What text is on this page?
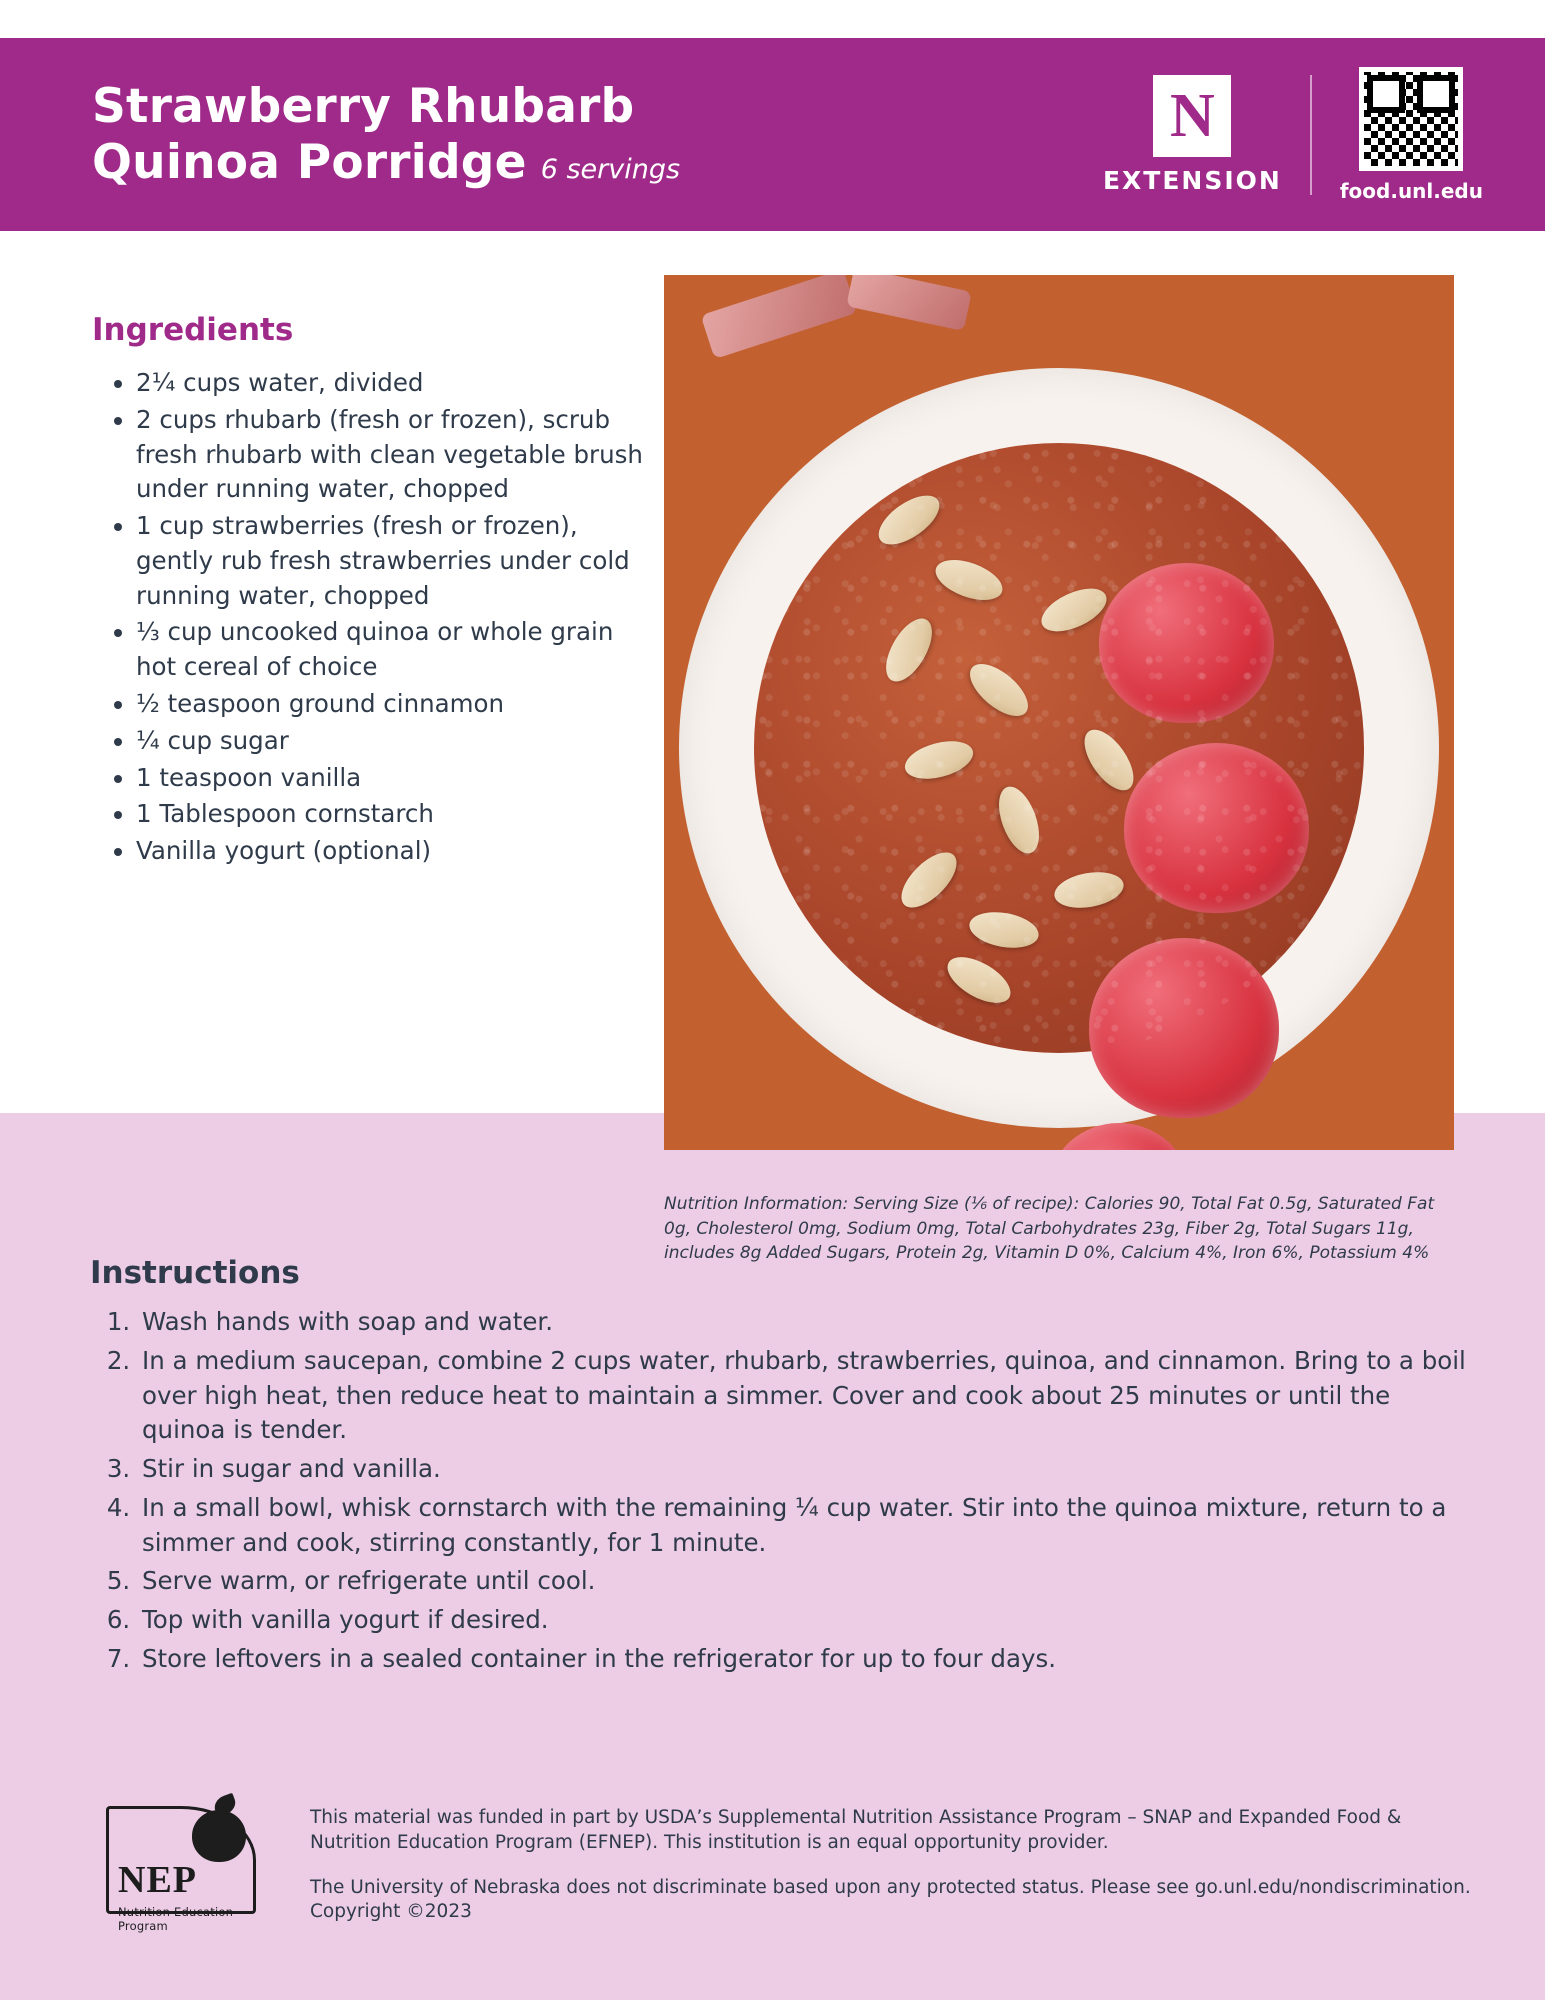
Strawberry Rhubarb
Quinoa Porridge 6 servings
N
EXTENSION	food.unl.edu
Ingredients
• 2¼ cups water, divided
• 2 cups rhubarb (fresh or frozen), scrub fresh rhubarb with clean vegetable brush under running water, chopped
• 1 cup strawberries (fresh or frozen), gently rub fresh strawberries under cold running water, chopped
• ⅓ cup uncooked quinoa or whole grain hot cereal of choice
• ½ teaspoon ground cinnamon
• ¼ cup sugar
• 1 teaspoon vanilla
• 1 Tablespoon cornstarch
• Vanilla yogurt (optional)
Nutrition Information: Serving Size (⅙ of recipe): Calories 90, Total Fat 0.5g, Saturated Fat 0g, Cholesterol 0mg, Sodium 0mg, Total Carbohydrates 23g, Fiber 2g, Total Sugars 11g, includes 8g Added Sugars, Protein 2g, Vitamin D 0%, Calcium 4%, Iron 6%, Potassium 4%
Instructions
1. Wash hands with soap and water.
2. In a medium saucepan, combine 2 cups water, rhubarb, strawberries, quinoa, and cinnamon. Bring to a boil over high heat, then reduce heat to maintain a simmer. Cover and cook about 25 minutes or until the quinoa is tender.
3. Stir in sugar and vanilla.
4. In a small bowl, whisk cornstarch with the remaining ¼ cup water. Stir into the quinoa mixture, return to a simmer and cook, stirring constantly, for 1 minute.
5. Serve warm, or refrigerate until cool.
6. Top with vanilla yogurt if desired.
7. Store leftovers in a sealed container in the refrigerator for up to four days.
NEP
Nutrition Education Program

This material was funded in part by USDA’s Supplemental Nutrition Assistance Program – SNAP and Expanded Food & Nutrition Education Program (EFNEP). This institution is an equal opportunity provider.

The University of Nebraska does not discriminate based upon any protected status. Please see go.unl.edu/nondiscrimination. Copyright ©2023
